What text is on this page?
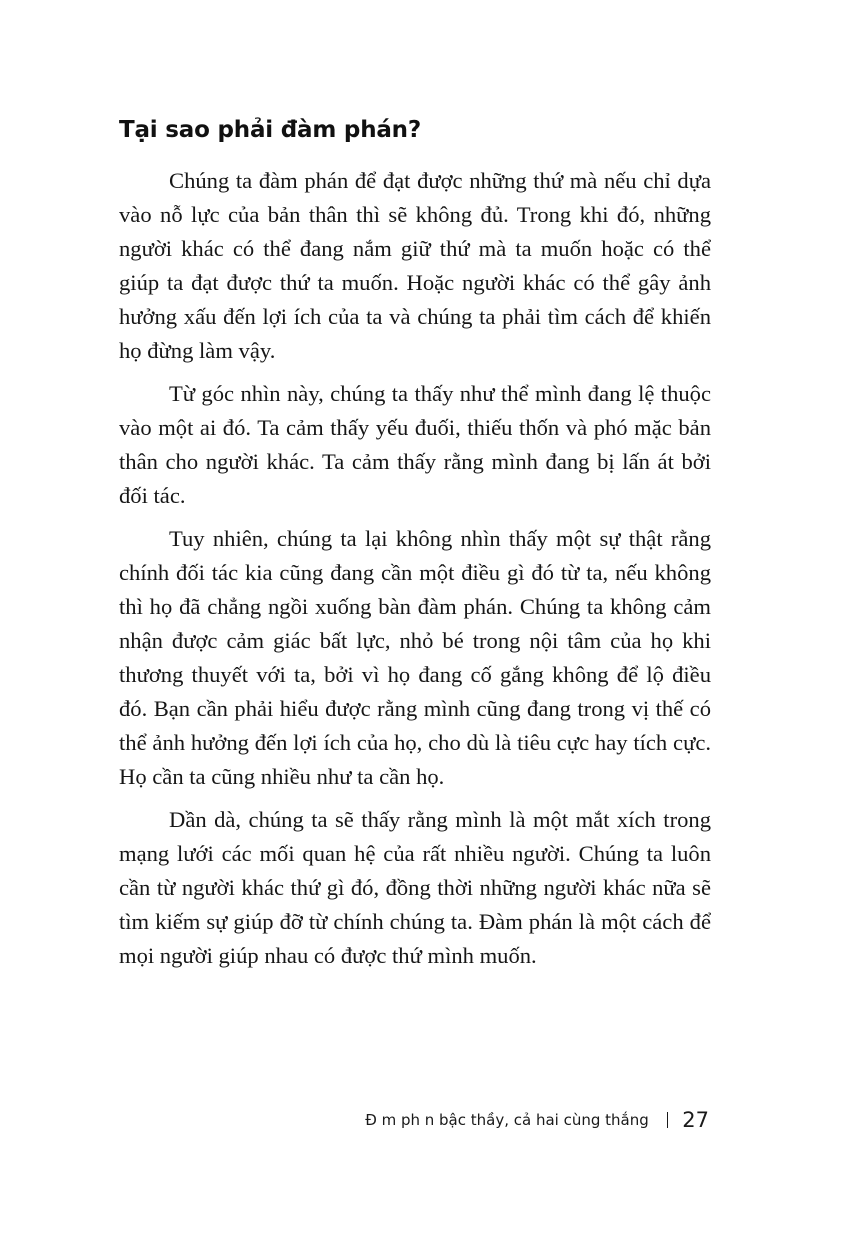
Tại sao phải đàm phán?

Chúng ta đàm phán để đạt được những thứ mà nếu chỉ dựa vào nỗ lực của bản thân thì sẽ không đủ. Trong khi đó, những người khác có thể đang nắm giữ thứ mà ta muốn hoặc có thể giúp ta đạt được thứ ta muốn. Hoặc người khác có thể gây ảnh hưởng xấu đến lợi ích của ta và chúng ta phải tìm cách để khiến họ đừng làm vậy.

Từ góc nhìn này, chúng ta thấy như thể mình đang lệ thuộc vào một ai đó. Ta cảm thấy yếu đuối, thiếu thốn và phó mặc bản thân cho người khác. Ta cảm thấy rằng mình đang bị lấn át bởi đối tác.

Tuy nhiên, chúng ta lại không nhìn thấy một sự thật rằng chính đối tác kia cũng đang cần một điều gì đó từ ta, nếu không thì họ đã chẳng ngồi xuống bàn đàm phán. Chúng ta không cảm nhận được cảm giác bất lực, nhỏ bé trong nội tâm của họ khi thương thuyết với ta, bởi vì họ đang cố gắng không để lộ điều đó. Bạn cần phải hiểu được rằng mình cũng đang trong vị thế có thể ảnh hưởng đến lợi ích của họ, cho dù là tiêu cực hay tích cực. Họ cần ta cũng nhiều như ta cần họ.

Dần dà, chúng ta sẽ thấy rằng mình là một mắt xích trong mạng lưới các mối quan hệ của rất nhiều người. Chúng ta luôn cần từ người khác thứ gì đó, đồng thời những người khác nữa sẽ tìm kiếm sự giúp đỡ từ chính chúng ta. Đàm phán là một cách để mọi người giúp nhau có được thứ mình muốn.

Đ m ph n bậc thầy, cả hai cùng thắng 27
